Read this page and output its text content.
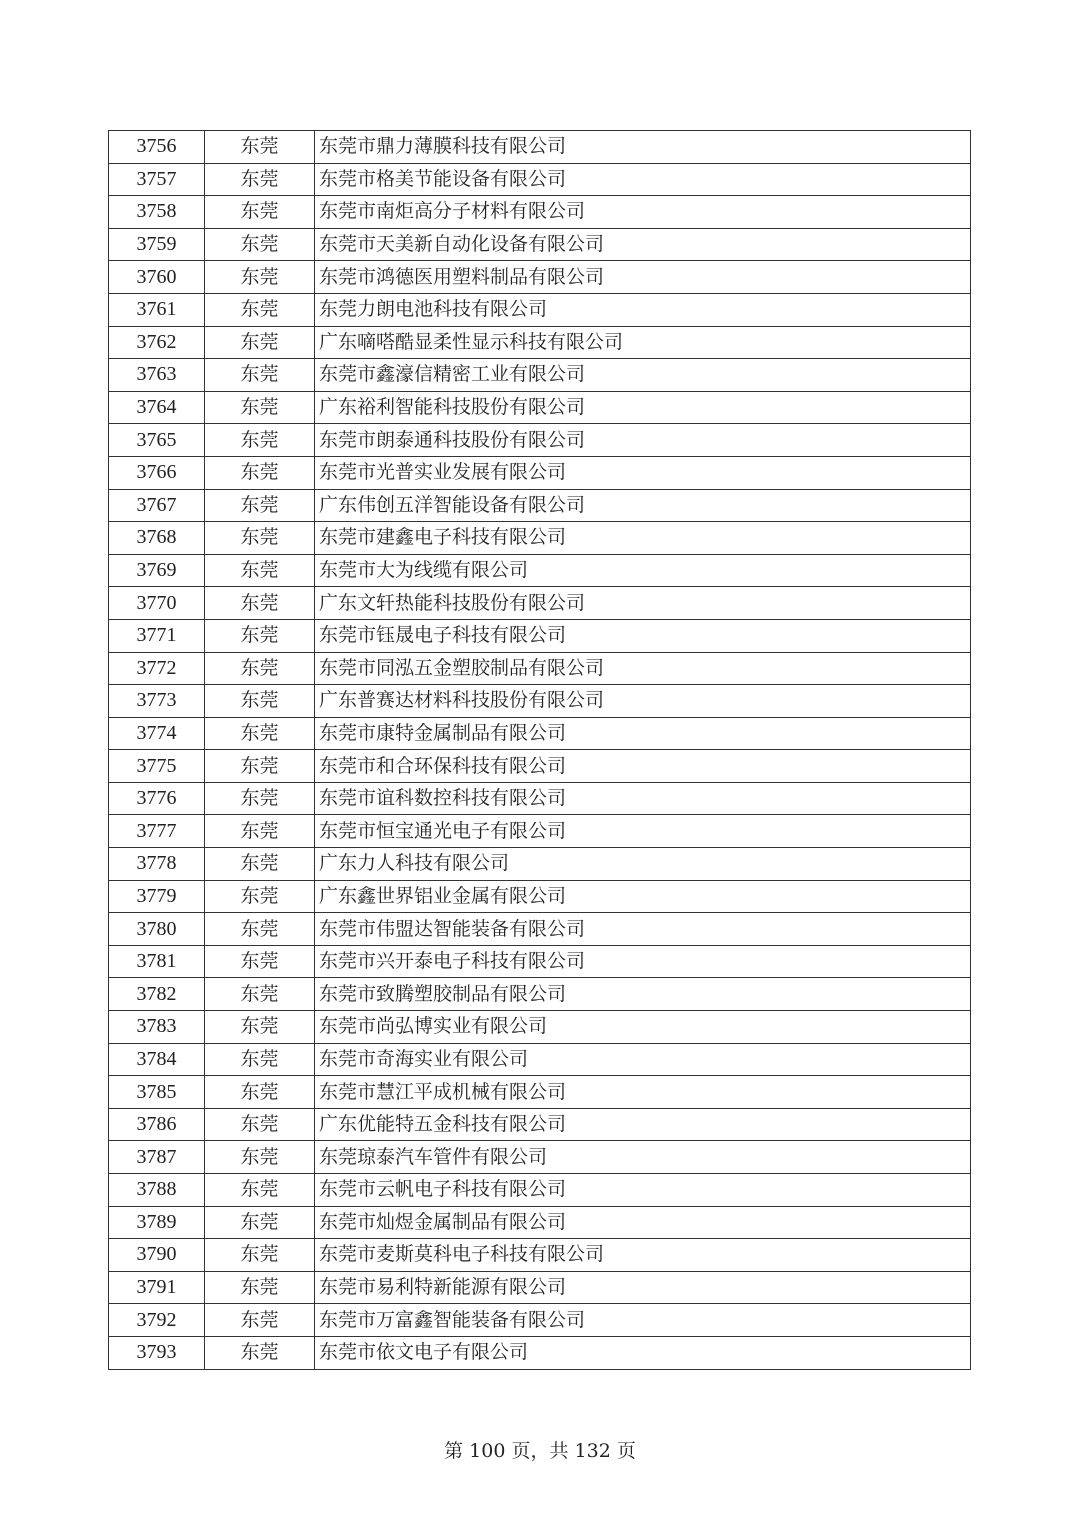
3756	东莞	东莞市鼎力薄膜科技有限公司
3757	东莞	东莞市格美节能设备有限公司
3758	东莞	东莞市南炬高分子材料有限公司
3759	东莞	东莞市天美新自动化设备有限公司
3760	东莞	东莞市鸿德医用塑料制品有限公司
3761	东莞	东莞力朗电池科技有限公司
3762	东莞	广东嘀嗒酷显柔性显示科技有限公司
3763	东莞	东莞市鑫濠信精密工业有限公司
3764	东莞	广东裕利智能科技股份有限公司
3765	东莞	东莞市朗泰通科技股份有限公司
3766	东莞	东莞市光普实业发展有限公司
3767	东莞	广东伟创五洋智能设备有限公司
3768	东莞	东莞市建鑫电子科技有限公司
3769	东莞	东莞市大为线缆有限公司
3770	东莞	广东文轩热能科技股份有限公司
3771	东莞	东莞市钰晟电子科技有限公司
3772	东莞	东莞市同泓五金塑胶制品有限公司
3773	东莞	广东普赛达材料科技股份有限公司
3774	东莞	东莞市康特金属制品有限公司
3775	东莞	东莞市和合环保科技有限公司
3776	东莞	东莞市谊科数控科技有限公司
3777	东莞	东莞市恒宝通光电子有限公司
3778	东莞	广东力人科技有限公司
3779	东莞	广东鑫世界铝业金属有限公司
3780	东莞	东莞市伟盟达智能装备有限公司
3781	东莞	东莞市兴开泰电子科技有限公司
3782	东莞	东莞市致腾塑胶制品有限公司
3783	东莞	东莞市尚弘博实业有限公司
3784	东莞	东莞市奇海实业有限公司
3785	东莞	东莞市慧江平成机械有限公司
3786	东莞	广东优能特五金科技有限公司
3787	东莞	东莞琼泰汽车管件有限公司
3788	东莞	东莞市云帆电子科技有限公司
3789	东莞	东莞市灿煜金属制品有限公司
3790	东莞	东莞市麦斯莫科电子科技有限公司
3791	东莞	东莞市易利特新能源有限公司
3792	东莞	东莞市万富鑫智能装备有限公司
3793	东莞	东莞市依文电子有限公司
第 100 页，共 132 页
